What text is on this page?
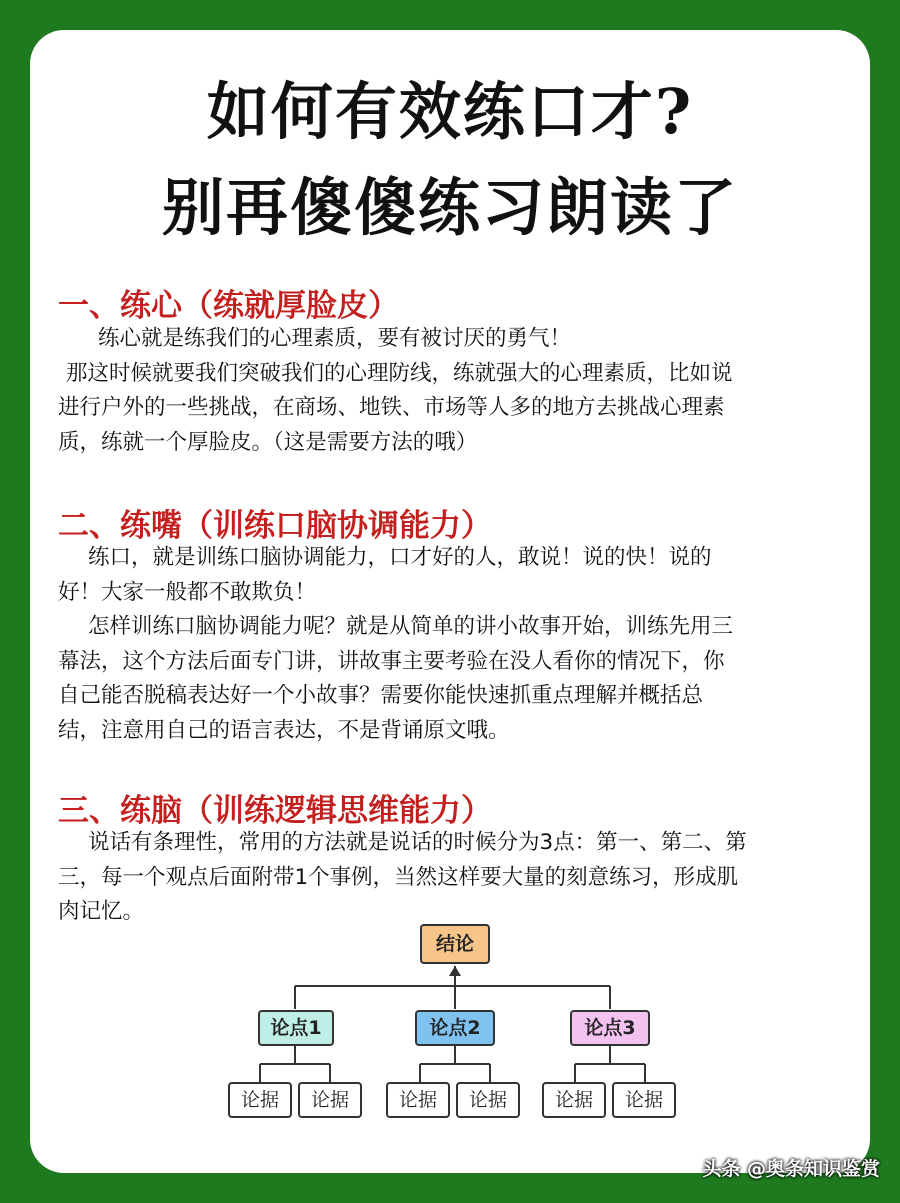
如何有效练口才?
别再傻傻练习朗读了
一、练心（练就厚脸皮）
练心就是练我们的心理素质，要有被讨厌的勇气！
那这时候就要我们突破我们的心理防线，练就强大的心理素质，比如说
进行户外的一些挑战，在商场、地铁、市场等人多的地方去挑战心理素
质，练就一个厚脸皮。（这是需要方法的哦）
二、练嘴（训练口脑协调能力）
练口，就是训练口脑协调能力，口才好的人，敢说！说的快！说的
好！大家一般都不敢欺负！
怎样训练口脑协调能力呢？就是从简单的讲小故事开始，训练先用三
幕法，这个方法后面专门讲，讲故事主要考验在没人看你的情况下，你
自己能否脱稿表达好一个小故事？需要你能快速抓重点理解并概括总
结，注意用自己的语言表达，不是背诵原文哦。
三、练脑（训练逻辑思维能力）
说话有条理性，常用的方法就是说话的时候分为3点：第一、第二、第
三，每一个观点后面附带1个事例，当然这样要大量的刻意练习，形成肌
肉记忆。
结论
论点1	论点2	论点3
论据	论据	论据	论据	论据	论据
头条 @奥条知识鉴赏
